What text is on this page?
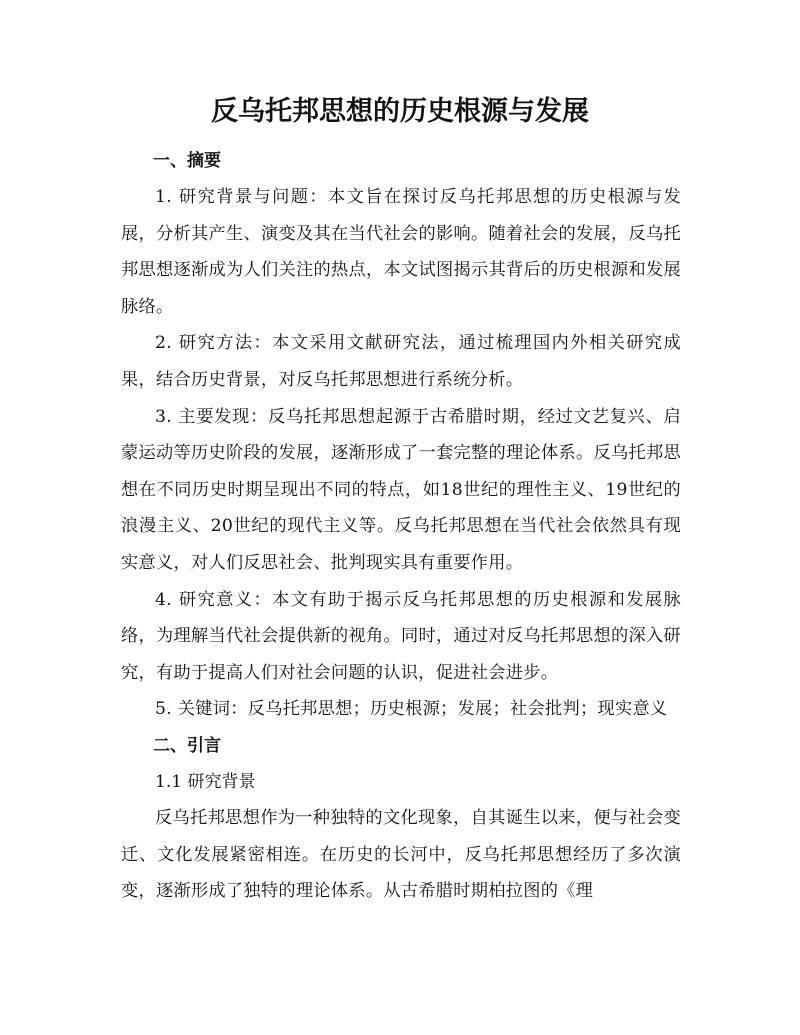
反乌托邦思想的历史根源与发展
一、摘要

1. 研究背景与问题：本文旨在探讨反乌托邦思想的历史根源与发展，分析其产生、演变及其在当代社会的影响。随着社会的发展，反乌托邦思想逐渐成为人们关注的热点，本文试图揭示其背后的历史根源和发展脉络。

2. 研究方法：本文采用文献研究法，通过梳理国内外相关研究成果，结合历史背景，对反乌托邦思想进行系统分析。

3. 主要发现：反乌托邦思想起源于古希腊时期，经过文艺复兴、启蒙运动等历史阶段的发展，逐渐形成了一套完整的理论体系。反乌托邦思想在不同历史时期呈现出不同的特点，如18世纪的理性主义、19世纪的浪漫主义、20世纪的现代主义等。反乌托邦思想在当代社会依然具有现实意义，对人们反思社会、批判现实具有重要作用。

4. 研究意义：本文有助于揭示反乌托邦思想的历史根源和发展脉络，为理解当代社会提供新的视角。同时，通过对反乌托邦思想的深入研究，有助于提高人们对社会问题的认识，促进社会进步。

5. 关键词：反乌托邦思想；历史根源；发展；社会批判；现实意义

二、引言

1.1 研究背景

反乌托邦思想作为一种独特的文化现象，自其诞生以来，便与社会变迁、文化发展紧密相连。在历史的长河中，反乌托邦思想经历了多次演变，逐渐形成了独特的理论体系。从古希腊时期柏拉图的《理
